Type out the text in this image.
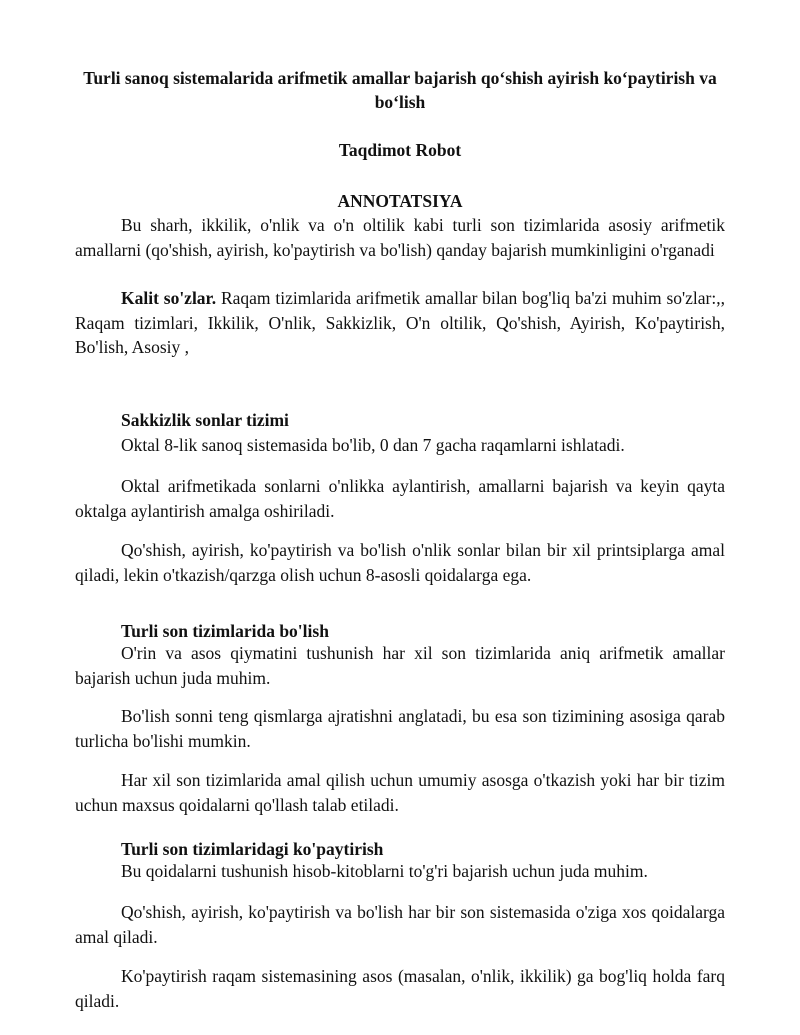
Turli sanoq sistemalarida arifmetik amallar bajarish qo‘shish ayirish ko‘paytirish va bo‘lish

Taqdimot Robot

ANNOTATSIYA

Bu sharh, ikkilik, o'nlik va o'n oltilik kabi turli son tizimlarida asosiy arifmetik amallarni (qo'shish, ayirish, ko'paytirish va bo'lish) qanday bajarish mumkinligini o'rganadi

Kalit so'zlar. Raqam tizimlarida arifmetik amallar bilan bog'liq ba'zi muhim so'zlar:,, Raqam tizimlari, Ikkilik, O'nlik, Sakkizlik, O'n oltilik, Qo'shish, Ayirish, Ko'paytirish, Bo'lish, Asosiy ,

Sakkizlik sonlar tizimi

Oktal 8-lik sanoq sistemasida bo'lib, 0 dan 7 gacha raqamlarni ishlatadi.

Oktal arifmetikada sonlarni o'nlikka aylantirish, amallarni bajarish va keyin qayta oktalga aylantirish amalga oshiriladi.

Qo'shish, ayirish, ko'paytirish va bo'lish o'nlik sonlar bilan bir xil printsiplarga amal qiladi, lekin o'tkazish/qarzga olish uchun 8-asosli qoidalarga ega.

Turli son tizimlarida bo'lish

O'rin va asos qiymatini tushunish har xil son tizimlarida aniq arifmetik amallar bajarish uchun juda muhim.

Bo'lish sonni teng qismlarga ajratishni anglatadi, bu esa son tizimining asosiga qarab turlicha bo'lishi mumkin.

Har xil son tizimlarida amal qilish uchun umumiy asosga o'tkazish yoki har bir tizim uchun maxsus qoidalarni qo'llash talab etiladi.

Turli son tizimlaridagi ko'paytirish

Bu qoidalarni tushunish hisob-kitoblarni to'g'ri bajarish uchun juda muhim.

Qo'shish, ayirish, ko'paytirish va bo'lish har bir son sistemasida o'ziga xos qoidalarga amal qiladi.

Ko'paytirish raqam sistemasining asos (masalan, o'nlik, ikkilik) ga bog'liq holda farq qiladi.
